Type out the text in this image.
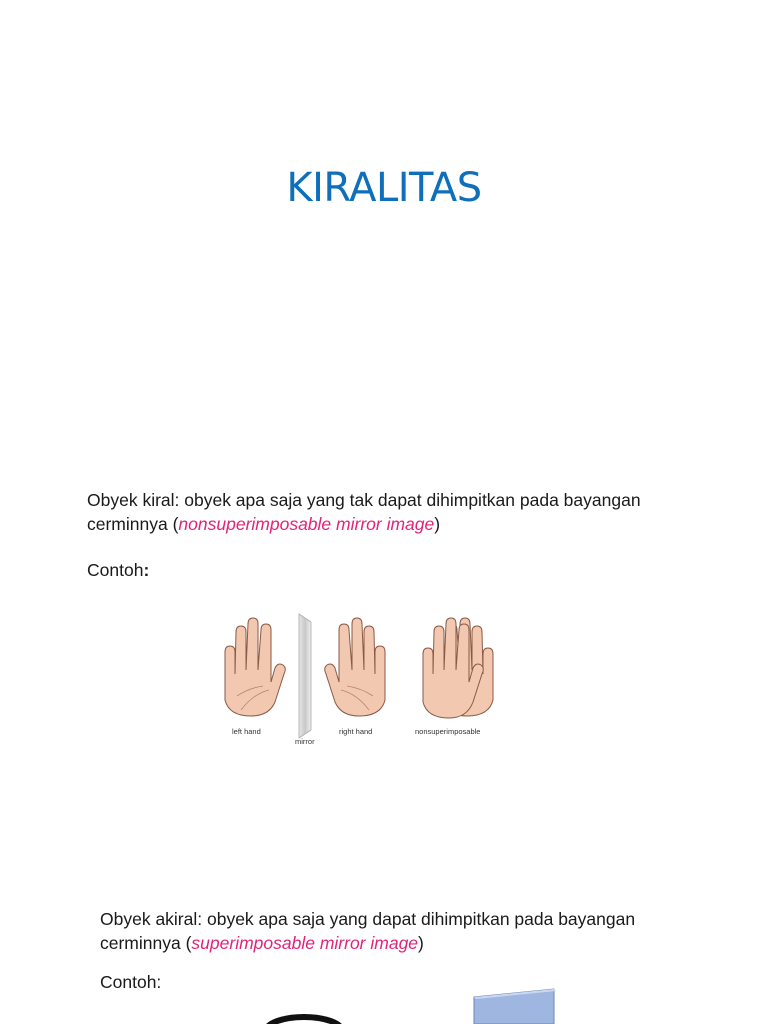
KIRALITAS
Obyek kiral: obyek apa saja yang tak dapat dihimpitkan pada bayangan
cerminnya (nonsuperimposable mirror image)
Contoh:
left hand
mirror
right hand	nonsuperimposable
Obyek akiral: obyek apa saja yang dapat dihimpitkan pada bayangan
cerminnya (superimposable mirror image)
Contoh:
